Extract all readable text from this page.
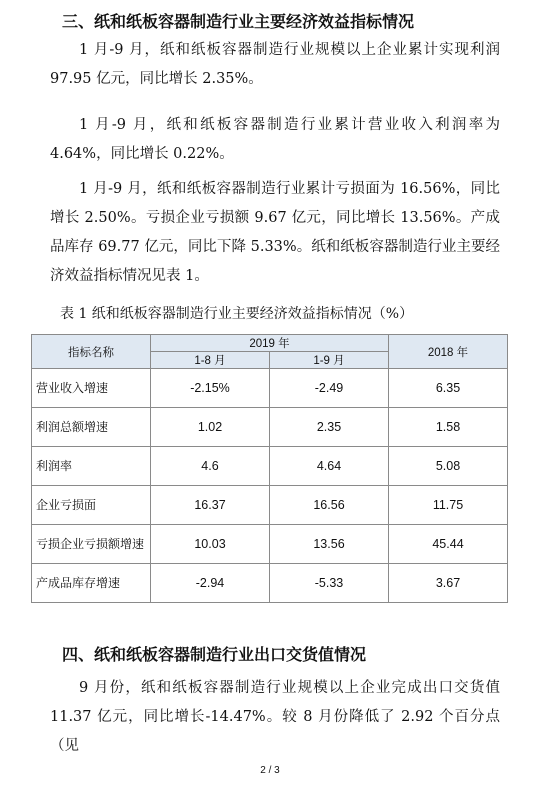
三、纸和纸板容器制造行业主要经济效益指标情况

1 月-9 月，纸和纸板容器制造行业规模以上企业累计实现利润 97.95 亿元，同比增长 2.35%。

1 月-9 月，纸和纸板容器制造行业累计营业收入利润率为 4.64%，同比增长 0.22%。

1 月-9 月，纸和纸板容器制造行业累计亏损面为 16.56%，同比增长 2.50%。亏损企业亏损额 9.67 亿元，同比增长 13.56%。产成品库存 69.77 亿元，同比下降 5.33%。纸和纸板容器制造行业主要经济效益指标情况见表 1。

表 1 纸和纸板容器制造行业主要经济效益指标情况（%）
指标名称	2019 年		2018 年
	1-8 月	1-9 月	
营业收入增速	-2.15%	-2.49	6.35
利润总额增速	1.02	2.35	1.58
利润率	4.6	4.64	5.08
企业亏损面	16.37	16.56	11.75
亏损企业亏损额增速	10.03	13.56	45.44
产成品库存增速	-2.94	-5.33	3.67
四、纸和纸板容器制造行业出口交货值情况

9 月份，纸和纸板容器制造行业规模以上企业完成出口交货值 11.37 亿元，同比增长-14.47%。较 8 月份降低了 2.92 个百分点（见

2 / 3
